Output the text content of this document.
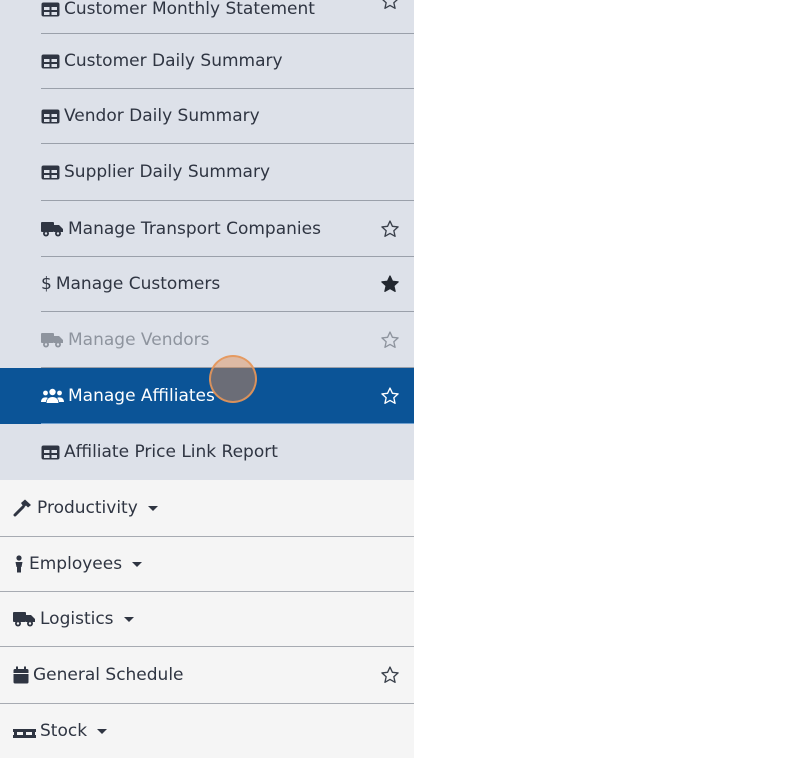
Customer Monthly Statement
Customer Daily Summary
Vendor Daily Summary
Supplier Daily Summary
Manage Transport Companies
$ Manage Customers
Manage Vendors
Manage Affiliates
Affiliate Price Link Report
Productivity
Employees
Logistics
General Schedule
Stock
